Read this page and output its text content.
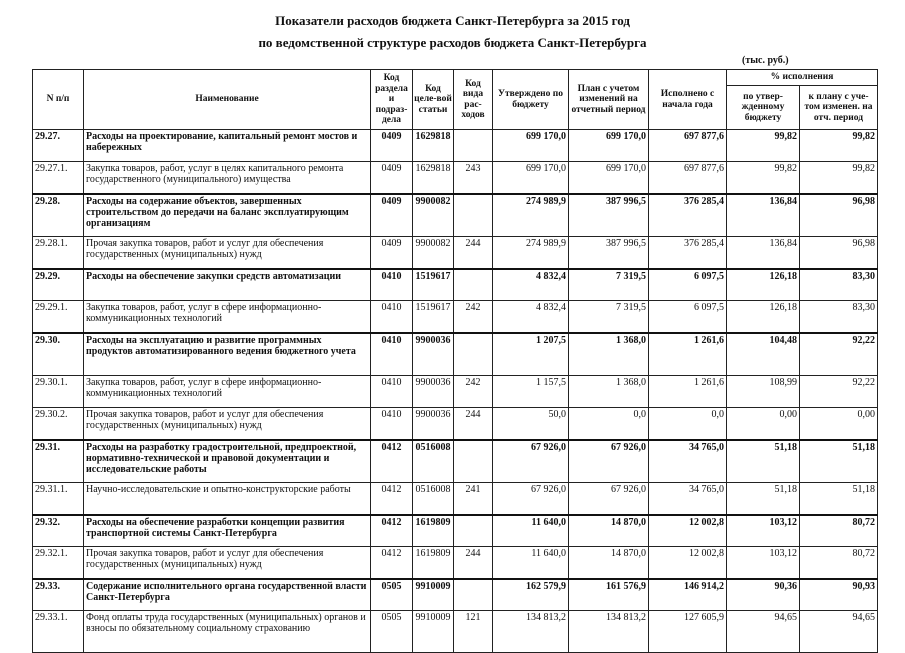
Показатели расходов бюджета Санкт-Петербурга за 2015 год
по ведомственной структуре расходов бюджета Санкт-Петербурга
(тыс. руб.)
N п/п	Наименование	Код раздела и подраз-дела	Код целе-вой статьи	Код вида рас-ходов	Утверждено по бюджету	План с учетом изменений на отчетный период	Исполнено с начала года	% исполнения	
								по утвер-жденному бюджету	к плану с уче-том изменен. на отч. период
29.27.	Расходы на проектирование, капитальный ремонт мостов и набережных	0409	1629818		699 170,0	699 170,0	697 877,6	99,82	99,82
29.27.1.	Закупка товаров, работ, услуг в целях капитального ремонта государственного (муниципального) имущества	0409	1629818	243	699 170,0	699 170,0	697 877,6	99,82	99,82
29.28.	Расходы на содержание объектов, завершенных строительством до передачи на баланс эксплуатирующим организациям	0409	9900082		274 989,9	387 996,5	376 285,4	136,84	96,98
29.28.1.	Прочая закупка товаров, работ и услуг для обеспечения государственных (муниципальных) нужд	0409	9900082	244	274 989,9	387 996,5	376 285,4	136,84	96,98
29.29.	Расходы на обеспечение закупки средств автоматизации	0410	1519617		4 832,4	7 319,5	6 097,5	126,18	83,30
29.29.1.	Закупка товаров, работ, услуг в сфере информационно-коммуникационных технологий	0410	1519617	242	4 832,4	7 319,5	6 097,5	126,18	83,30
29.30.	Расходы на эксплуатацию и развитие программных продуктов автоматизированного ведения бюджетного учета	0410	9900036		1 207,5	1 368,0	1 261,6	104,48	92,22
29.30.1.	Закупка товаров, работ, услуг в сфере информационно-коммуникационных технологий	0410	9900036	242	1 157,5	1 368,0	1 261,6	108,99	92,22
29.30.2.	Прочая закупка товаров, работ и услуг для обеспечения государственных (муниципальных) нужд	0410	9900036	244	50,0	0,0	0,0	0,00	0,00
29.31.	Расходы на разработку градостроительной, предпроектной, нормативно-технической и правовой документации и исследовательские работы	0412	0516008		67 926,0	67 926,0	34 765,0	51,18	51,18
29.31.1.	Научно-исследовательские и опытно-конструкторские работы	0412	0516008	241	67 926,0	67 926,0	34 765,0	51,18	51,18
29.32.	Расходы на обеспечение разработки концепции развития транспортной системы Санкт-Петербурга	0412	1619809		11 640,0	14 870,0	12 002,8	103,12	80,72
29.32.1.	Прочая закупка товаров, работ и услуг для обеспечения государственных (муниципальных) нужд	0412	1619809	244	11 640,0	14 870,0	12 002,8	103,12	80,72
29.33.	Содержание исполнительного органа государственной власти Санкт-Петербурга	0505	9910009		162 579,9	161 576,9	146 914,2	90,36	90,93
29.33.1.	Фонд оплаты труда государственных (муниципальных) органов и взносы по обязательному социальному страхованию	0505	9910009	121	134 813,2	134 813,2	127 605,9	94,65	94,65
